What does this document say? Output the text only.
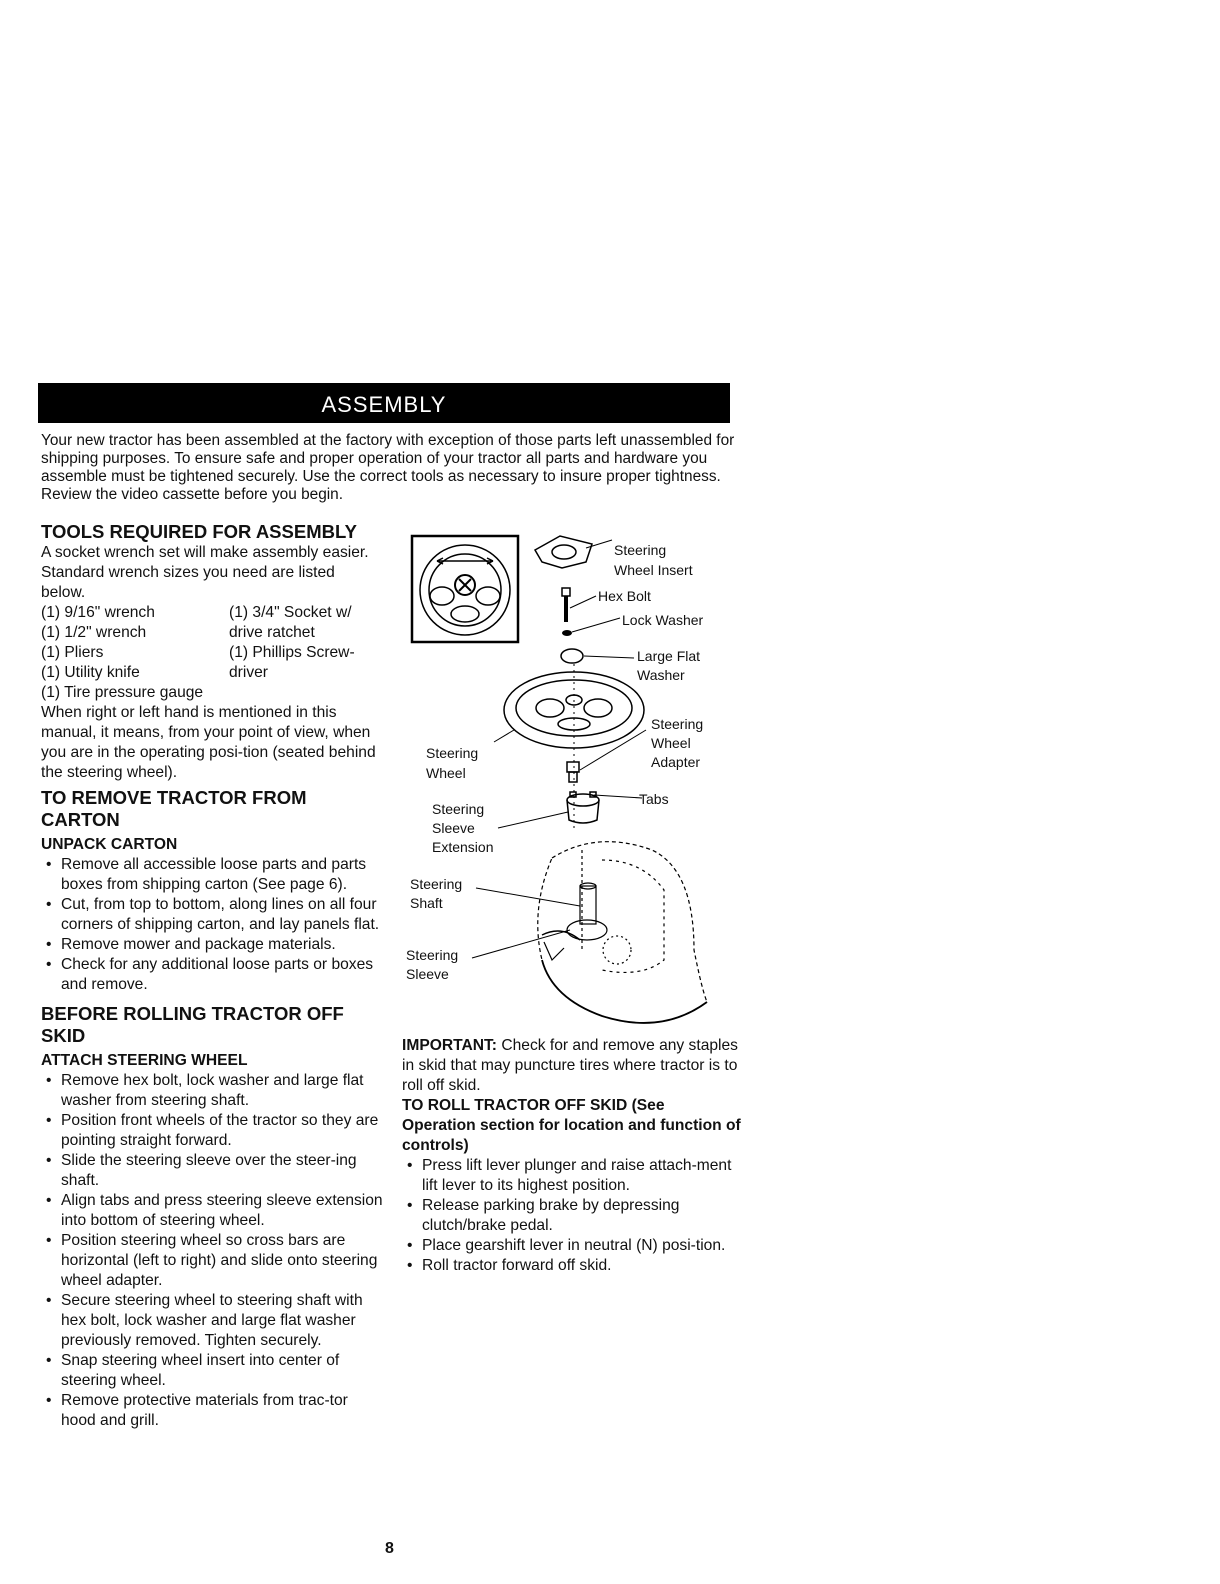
ASSEMBLY

Your new tractor has been assembled at the factory with exception of those parts left unassembled for shipping purposes. To ensure safe and proper operation of your tractor all parts and hardware you assemble must be tightened securely. Use the correct tools as necessary to insure proper tightness. Review the video cassette before you begin.

TOOLS REQUIRED FOR ASSEMBLY

A socket wrench set will make assembly easier. Standard wrench sizes you need are listed below.

(1) 9/16" wrench
(1) 1/2" wrench
(1) Pliers
(1) Utility knife
(1) 3/4" Socket w/ drive ratchet
(1) Phillips Screw-driver
(1) Tire pressure gauge

When right or left hand is mentioned in this manual, it means, from your point of view, when you are in the operating posi-tion (seated behind the steering wheel).

TO REMOVE TRACTOR FROM CARTON
UNPACK CARTON
• Remove all accessible loose parts and parts boxes from shipping carton (See page 6).
• Cut, from top to bottom, along lines on all four corners of shipping carton, and lay panels flat.
• Remove mower and package materials.
• Check for any additional loose parts or boxes and remove.
BEFORE ROLLING TRACTOR OFF SKID
ATTACH STEERING WHEEL
• Remove hex bolt, lock washer and large flat washer from steering shaft.
• Position front wheels of the tractor so they are pointing straight forward.
• Slide the steering sleeve over the steer-ing shaft.
• Align tabs and press steering sleeve extension into bottom of steering wheel.
• Position steering wheel so cross bars are horizontal (left to right) and slide onto steering wheel adapter.
• Secure steering wheel to steering shaft with hex bolt, lock washer and large flat washer previously removed. Tighten securely.
• Snap steering wheel insert into center of steering wheel.
• Remove protective materials from trac-tor hood and grill.
Steering
Wheel Insert
Hex Bolt
Lock Washer
Large Flat
Washer
Steering
Wheel
Steering
Wheel
Adapter
Tabs
Steering
Sleeve
Extension
Steering
Shaft
Steering
Sleeve

IMPORTANT: Check for and remove any staples in skid that may puncture tires where tractor is to roll off skid.

TO ROLL TRACTOR OFF SKID (See Operation section for location and function of controls)
• Press lift lever plunger and raise attach-ment lift lever to its highest position.
• Release parking brake by depressing clutch/brake pedal.
• Place gearshift lever in neutral (N) posi-tion.
• Roll tractor forward off skid.
8
